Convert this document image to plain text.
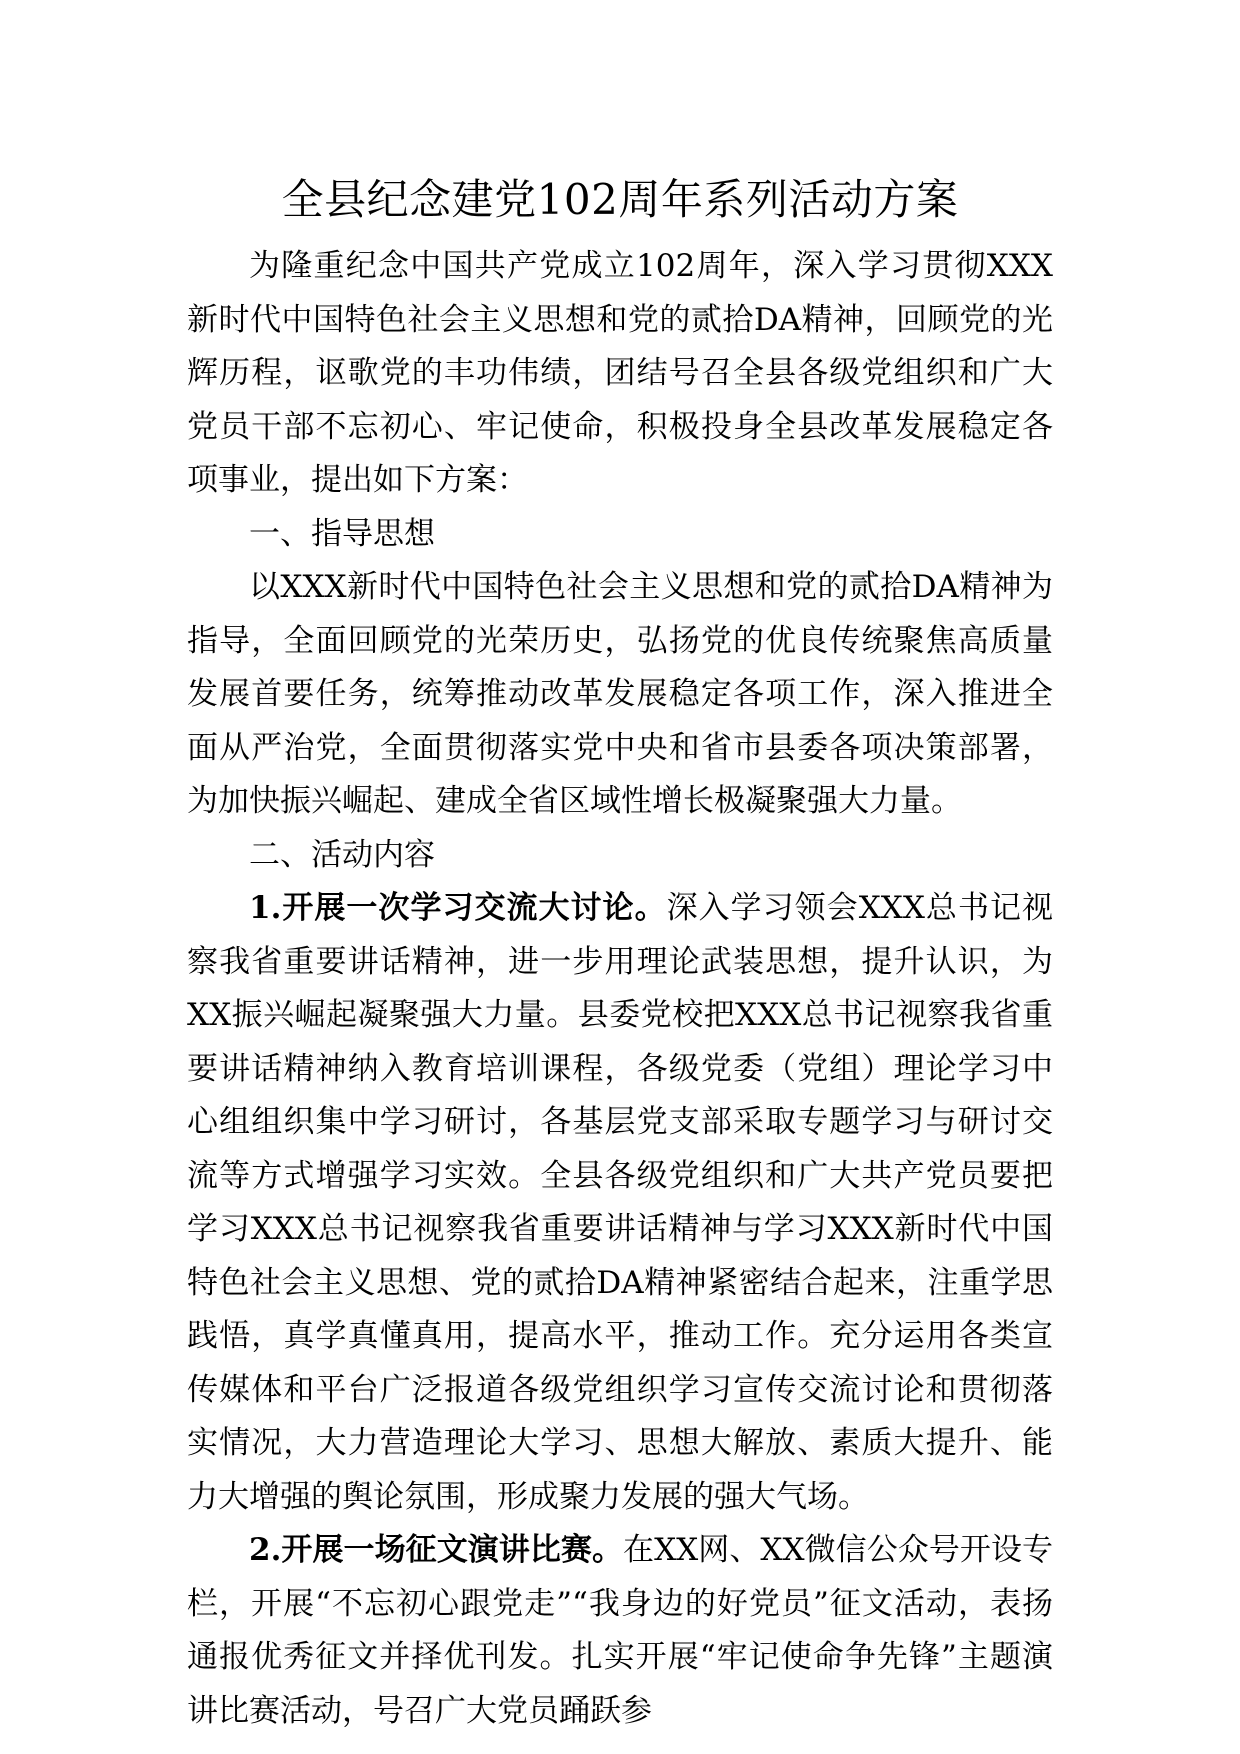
全县纪念建党102周年系列活动方案

为隆重纪念中国共产党成立102周年，深入学习贯彻XXX新时代中国特色社会主义思想和党的贰拾DA精神，回顾党的光辉历程，讴歌党的丰功伟绩，团结号召全县各级党组织和广大党员干部不忘初心、牢记使命，积极投身全县改革发展稳定各项事业，提出如下方案：

一、指导思想

以XXX新时代中国特色社会主义思想和党的贰拾DA精神为指导，全面回顾党的光荣历史，弘扬党的优良传统聚焦高质量发展首要任务，统筹推动改革发展稳定各项工作，深入推进全面从严治党，全面贯彻落实党中央和省市县委各项决策部署，为加快振兴崛起、建成全省区域性增长极凝聚强大力量。

二、活动内容

1.开展一次学习交流大讨论。深入学习领会XXX总书记视察我省重要讲话精神，进一步用理论武装思想，提升认识，为XX振兴崛起凝聚强大力量。县委党校把XXX总书记视察我省重要讲话精神纳入教育培训课程，各级党委（党组）理论学习中心组组织集中学习研讨，各基层党支部采取专题学习与研讨交流等方式增强学习实效。全县各级党组织和广大共产党员要把学习XXX总书记视察我省重要讲话精神与学习XXX新时代中国特色社会主义思想、党的贰拾DA精神紧密结合起来，注重学思践悟，真学真懂真用，提高水平，推动工作。充分运用各类宣传媒体和平台广泛报道各级党组织学习宣传交流讨论和贯彻落实情况，大力营造理论大学习、思想大解放、素质大提升、能力大增强的舆论氛围，形成聚力发展的强大气场。

2.开展一场征文演讲比赛。在XX网、XX微信公众号开设专栏，开展“不忘初心跟党走”“我身边的好党员”征文活动，表扬通报优秀征文并择优刊发。扎实开展“牢记使命争先锋”主题演讲比赛活动，号召广大党员踊跃参
